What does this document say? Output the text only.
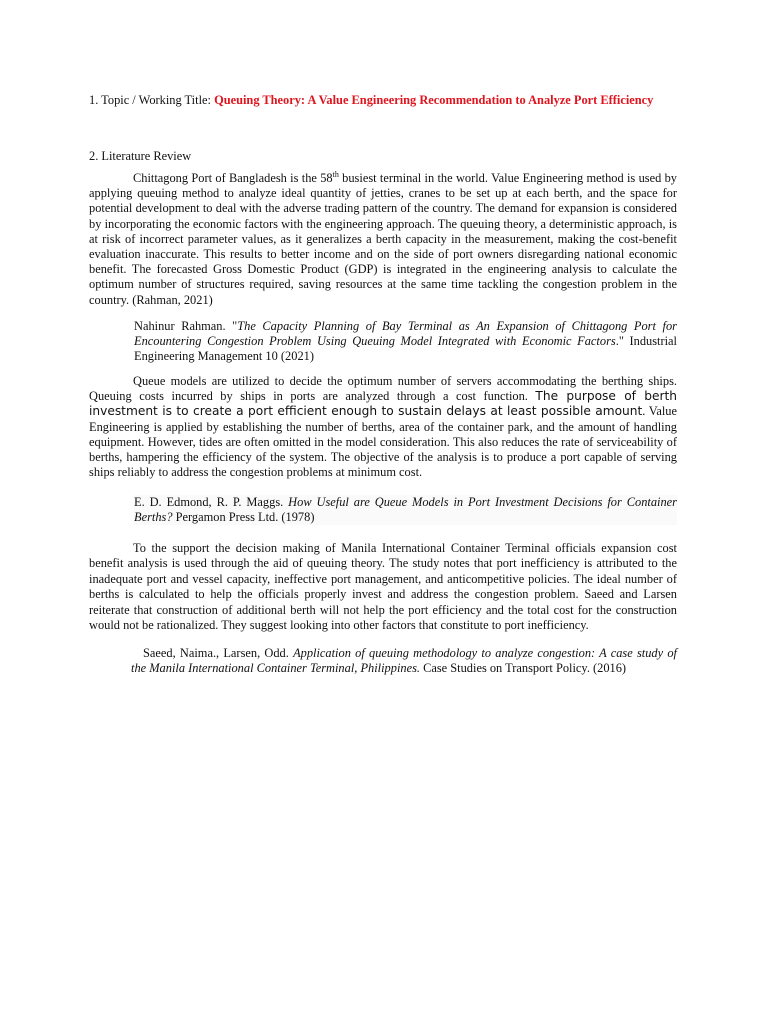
1. Topic / Working Title: Queuing Theory: A Value Engineering Recommendation to Analyze Port Efficiency
2. Literature Review
Chittagong Port of Bangladesh is the 58th busiest terminal in the world. Value Engineering method is used by applying queuing method to analyze ideal quantity of jetties, cranes to be set up at each berth, and the space for potential development to deal with the adverse trading pattern of the country. The demand for expansion is considered by incorporating the economic factors with the engineering approach. The queuing theory, a deterministic approach, is at risk of incorrect parameter values, as it generalizes a berth capacity in the measurement, making the cost-benefit evaluation inaccurate. This results to better income and on the side of port owners disregarding national economic benefit. The forecasted Gross Domestic Product (GDP) is integrated in the engineering analysis to calculate the optimum number of structures required, saving resources at the same time tackling the congestion problem in the country. (Rahman, 2021)
Nahinur Rahman. "The Capacity Planning of Bay Terminal as An Expansion of Chittagong Port for Encountering Congestion Problem Using Queuing Model Integrated with Economic Factors." Industrial Engineering Management 10 (2021)
Queue models are utilized to decide the optimum number of servers accommodating the berthing ships. Queuing costs incurred by ships in ports are analyzed through a cost function. The purpose of berth investment is to create a port efficient enough to sustain delays at least possible amount. Value Engineering is applied by establishing the number of berths, area of the container park, and the amount of handling equipment. However, tides are often omitted in the model consideration. This also reduces the rate of serviceability of berths, hampering the efficiency of the system. The objective of the analysis is to produce a port capable of serving ships reliably to address the congestion problems at minimum cost.
E. D. Edmond, R. P. Maggs. How Useful are Queue Models in Port Investment Decisions for Container Berths? Pergamon Press Ltd. (1978)
To the support the decision making of Manila International Container Terminal officials expansion cost benefit analysis is used through the aid of queuing theory. The study notes that port inefficiency is attributed to the inadequate port and vessel capacity, ineffective port management, and anticompetitive policies. The ideal number of berths is calculated to help the officials properly invest and address the congestion problem. Saeed and Larsen reiterate that construction of additional berth will not help the port efficiency and the total cost for the construction would not be rationalized. They suggest looking into other factors that constitute to port inefficiency.
Saeed, Naima., Larsen, Odd. Application of queuing methodology to analyze congestion: A case study of the Manila International Container Terminal, Philippines. Case Studies on Transport Policy. (2016)
